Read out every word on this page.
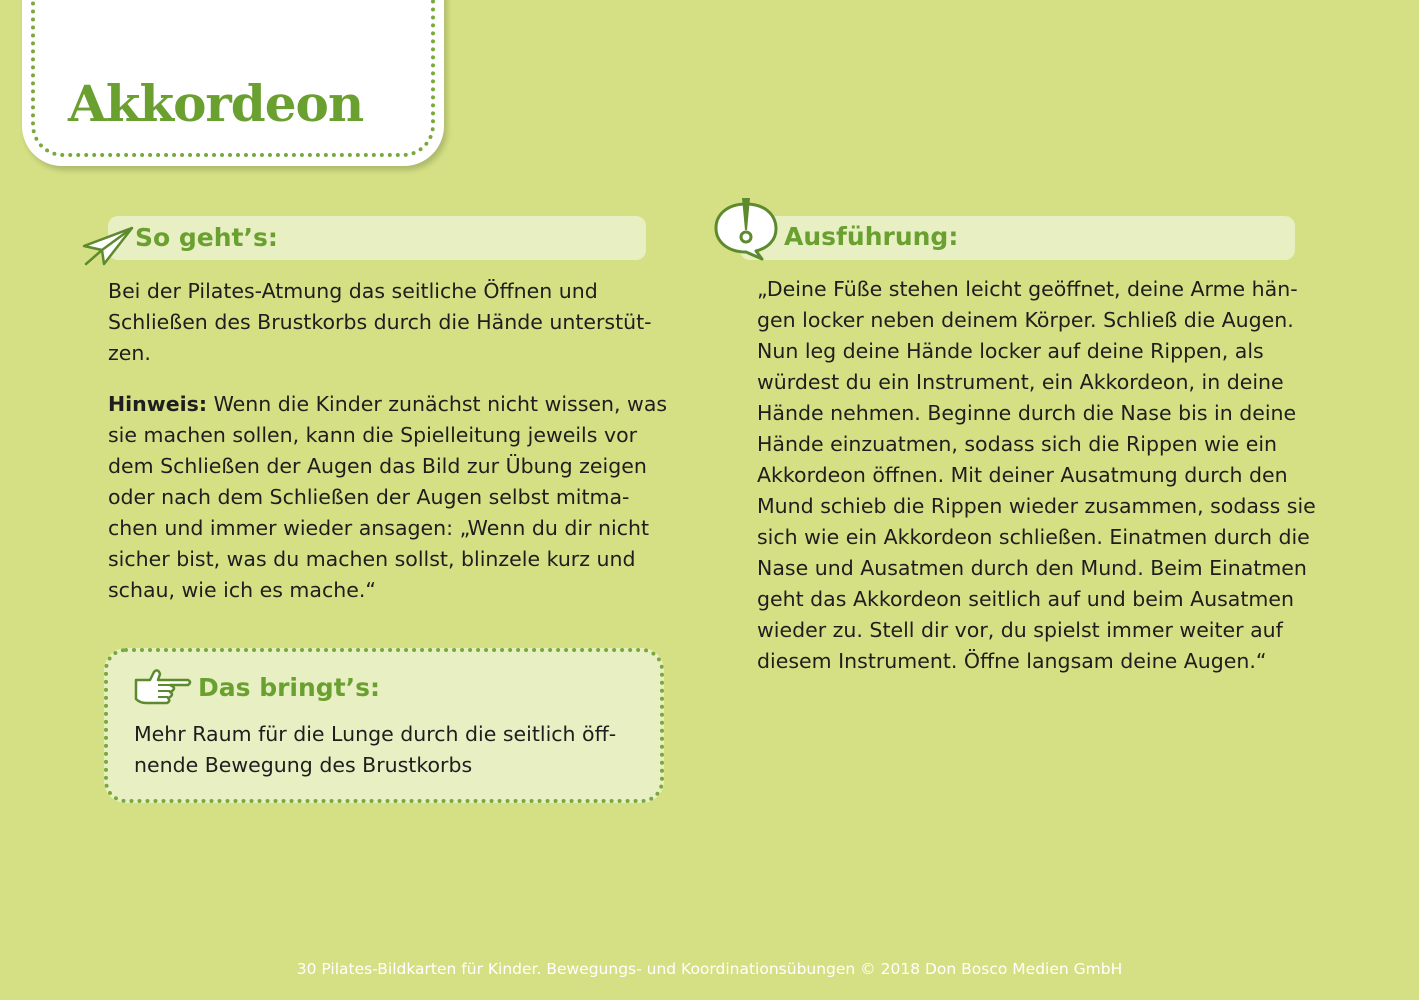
Akkordeon
So geht’s:

Bei der Pilates-Atmung das seitliche Öffnen und

Schließen des Brustkorbs durch die Hände unterstüt-

zen.

Hinweis: Wenn die Kinder zunächst nicht wissen, was

sie machen sollen, kann die Spielleitung jeweils vor

dem Schließen der Augen das Bild zur Übung zeigen

oder nach dem Schließen der Augen selbst mitma-

chen und immer wieder ansagen: „Wenn du dir nicht

sicher bist, was du machen sollst, blinzele kurz und

schau, wie ich es mache.“

Das bringt’s:

Mehr Raum für die Lunge durch die seitlich öff-

nende Bewegung des Brustkorbs

Ausführung:

„Deine Füße stehen leicht geöffnet, deine Arme hän-

gen locker neben deinem Körper. Schließ die Augen.

Nun leg deine Hände locker auf deine Rippen, als

würdest du ein Instrument, ein Akkordeon, in deine

Hände nehmen. Beginne durch die Nase bis in deine

Hände einzuatmen, sodass sich die Rippen wie ein

Akkordeon öffnen. Mit deiner Ausatmung durch den

Mund schieb die Rippen wieder zusammen, sodass sie

sich wie ein Akkordeon schließen. Einatmen durch die

Nase und Ausatmen durch den Mund. Beim Einatmen

geht das Akkordeon seitlich auf und beim Ausatmen

wieder zu. Stell dir vor, du spielst immer weiter auf

diesem Instrument. Öffne langsam deine Augen.“

30 Pilates-Bildkarten für Kinder. Bewegungs- und Koordinationsübungen © 2018 Don Bosco Medien GmbH
